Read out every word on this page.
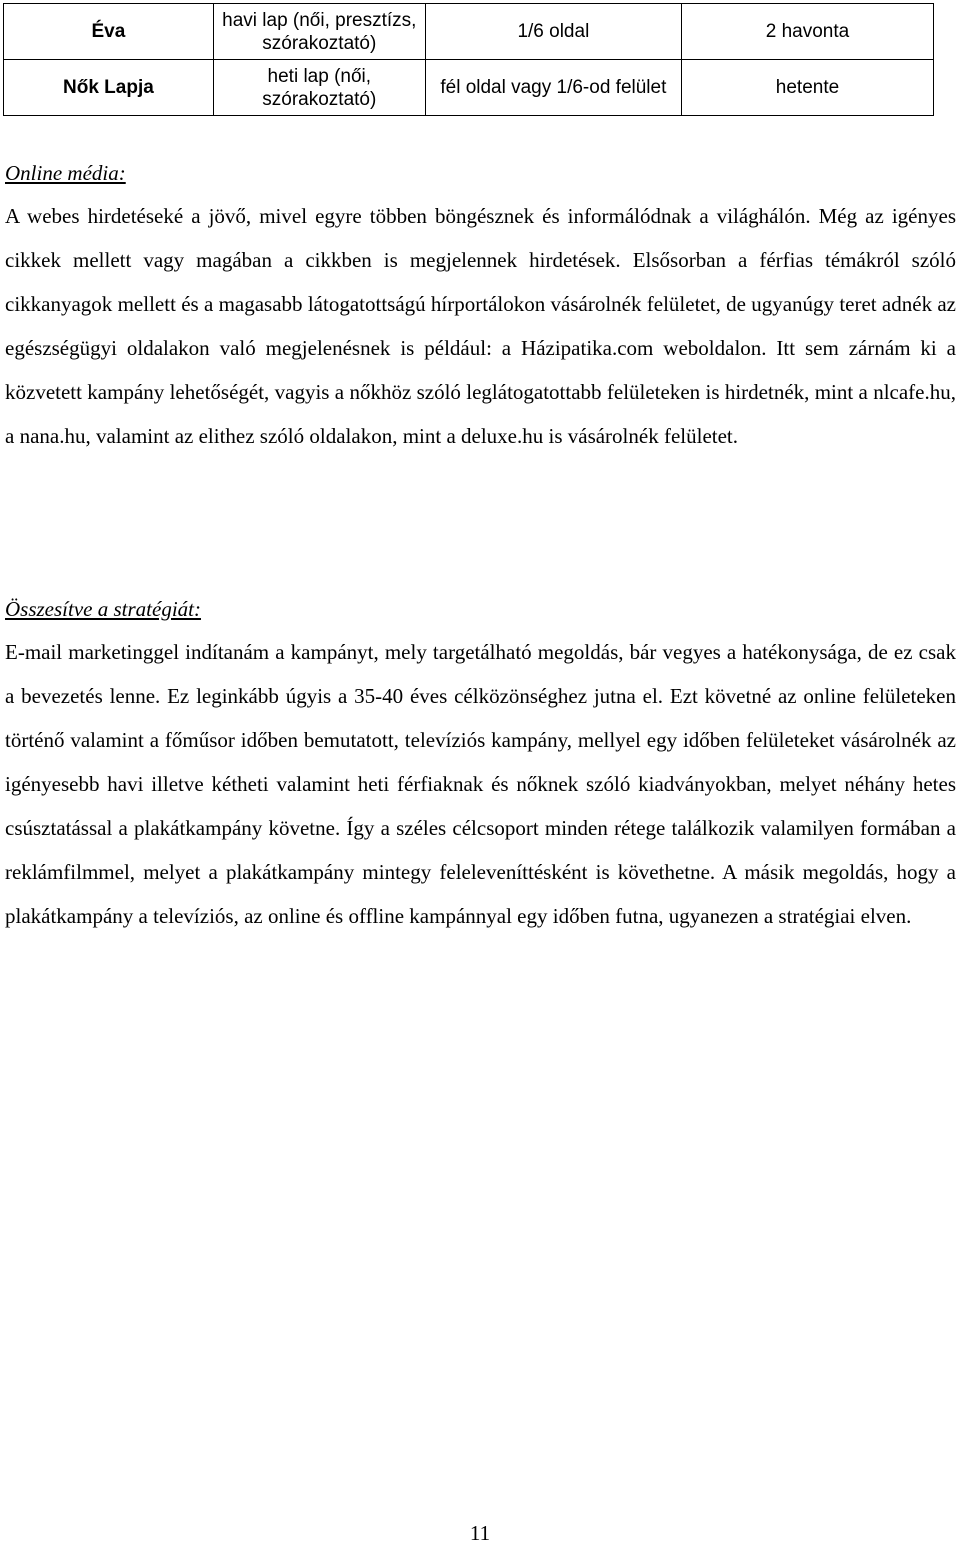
Éva	havi lap (női, presztízs, szórakoztató)	1/6 oldal	2 havonta
Nők Lapja	heti lap (női, szórakoztató)	fél oldal vagy 1/6-od felület	hetente

Online média:

A webes hirdetéseké a jövő, mivel egyre többen böngésznek és informálódnak a világhálón. Még az igényes cikkek mellett vagy magában a cikkben is megjelennek hirdetések. Elsősorban a férfias témákról szóló cikkanyagok mellett és a magasabb látogatottságú hírportálokon vásárolnék felületet, de ugyanúgy teret adnék az egészségügyi oldalakon való megjelenésnek is például: a Házipatika.com weboldalon. Itt sem zárnám ki a közvetett kampány lehetőségét, vagyis a nőkhöz szóló leglátogatottabb felületeken is hirdetnék, mint a nlcafe.hu, a nana.hu, valamint az elithez szóló oldalakon, mint a deluxe.hu is vásárolnék felületet.

Összesítve a stratégiát:

E-mail marketinggel indítanám a kampányt, mely targetálható megoldás, bár vegyes a hatékonysága, de ez csak a bevezetés lenne. Ez leginkább úgyis a 35-40 éves célközönséghez jutna el. Ezt követné az online felületeken történő valamint a főműsor időben bemutatott, televíziós kampány, mellyel egy időben felületeket vásárolnék az igényesebb havi illetve kétheti valamint heti férfiaknak és nőknek szóló kiadványokban, melyet néhány hetes csúsztatással a plakátkampány követne. Így a széles célcsoport minden rétege találkozik valamilyen formában a reklámfilmmel, melyet a plakátkampány mintegy feleleveníttésként is követhetne. A másik megoldás, hogy a plakátkampány a televíziós, az online és offline kampánnyal egy időben futna, ugyanezen a stratégiai elven.

11
